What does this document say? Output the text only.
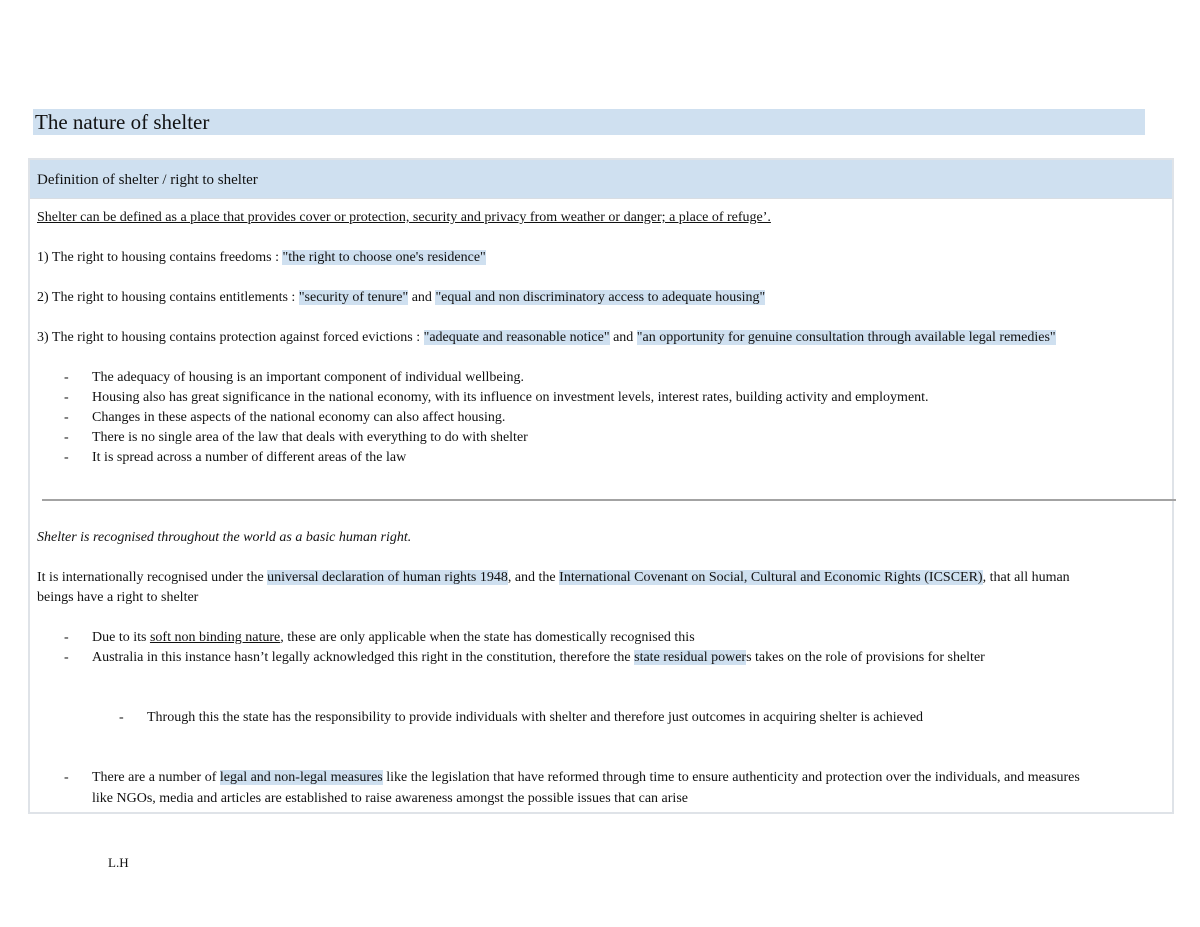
The nature of shelter
Definition of shelter / right to shelter
Shelter can be defined as a place that provides cover or protection, security and privacy from weather or danger; a place of refuge’.
1) The right to housing contains freedoms : "the right to choose one's residence"
2) The right to housing contains entitlements : "security of tenure" and "equal and non discriminatory access to adequate housing"
3) The right to housing contains protection against forced evictions : "adequate and reasonable notice" and "an opportunity for genuine consultation through available legal remedies"
- The adequacy of housing is an important component of individual wellbeing.
- Housing also has great significance in the national economy, with its influence on investment levels, interest rates, building activity and employment.
- Changes in these aspects of the national economy can also affect housing.
- There is no single area of the law that deals with everything to do with shelter
- It is spread across a number of different areas of the law
Shelter is recognised throughout the world as a basic human right.
It is internationally recognised under the universal declaration of human rights 1948, and the International Covenant on Social, Cultural and Economic Rights (ICSCER), that all human
beings have a right to shelter
- Due to its soft non binding nature, these are only applicable when the state has domestically recognised this
- Australia in this instance hasn’t legally acknowledged this right in the constitution, therefore the state residual powers takes on the role of provisions for shelter
- Through this the state has the responsibility to provide individuals with shelter and therefore just outcomes in acquiring shelter is achieved
- There are a number of legal and non-legal measures like the legislation that have reformed through time to ensure authenticity and protection over the individuals, and measures
like NGOs, media and articles are established to raise awareness amongst the possible issues that can arise
L.H
